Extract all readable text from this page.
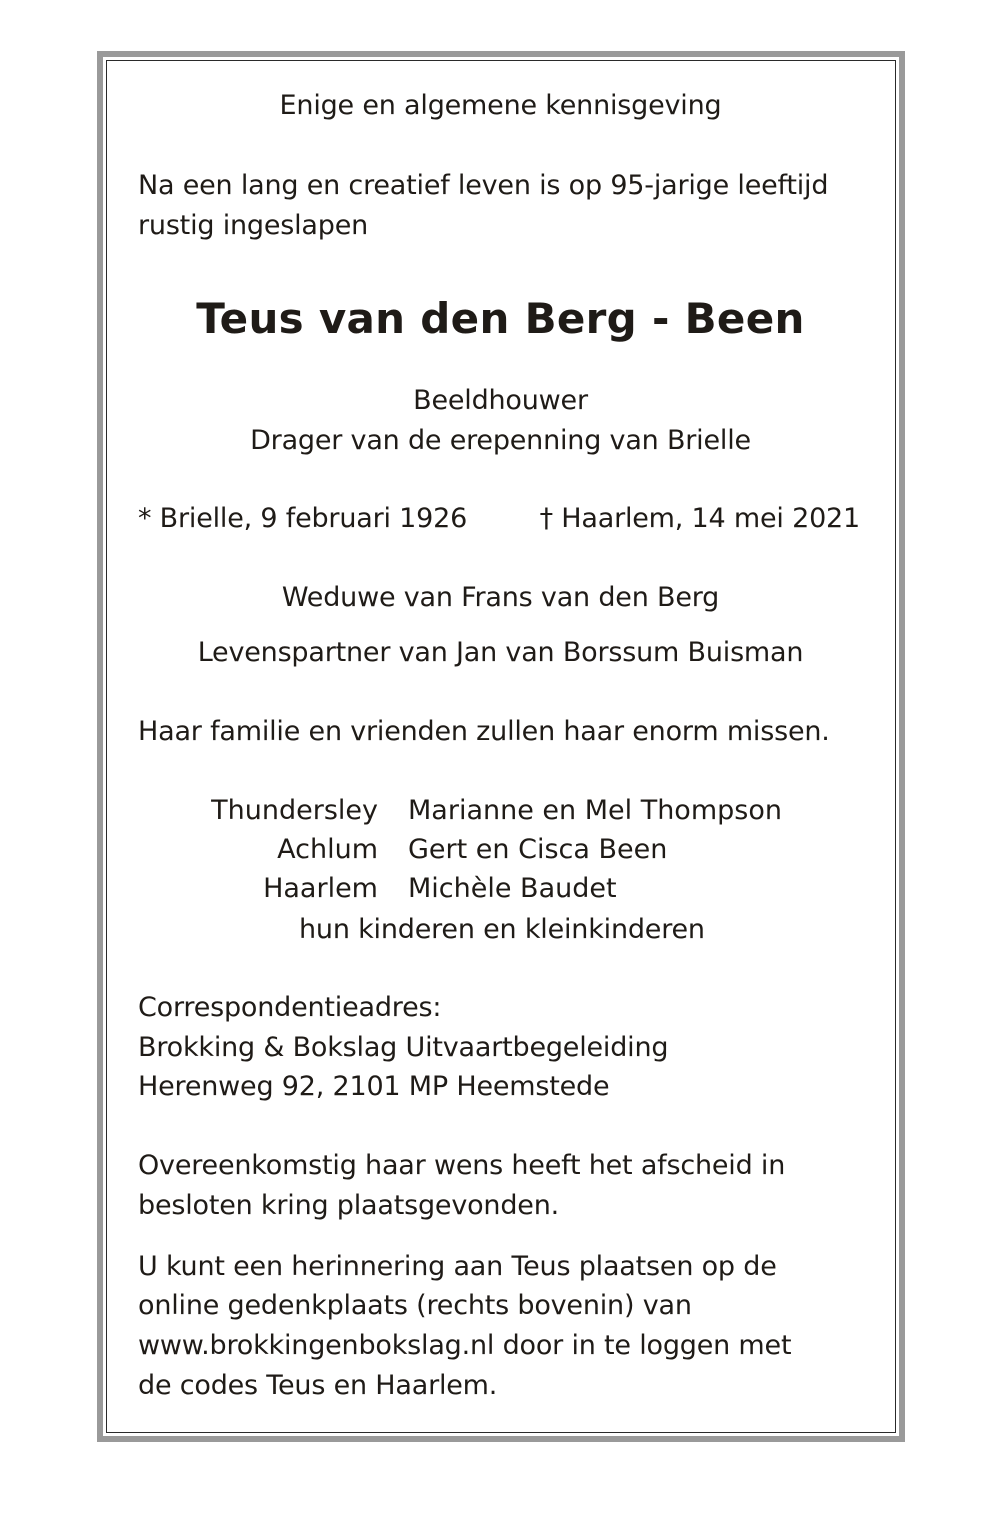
Enige en algemene kennisgeving
Na een lang en creatief leven is op 95-jarige leeftijd
rustig ingeslapen
Teus van den Berg - Been
Beeldhouwer
Drager van de erepenning van Brielle
* Brielle, 9 februari 1926	† Haarlem, 14 mei 2021
Weduwe van Frans van den Berg
Levenspartner van Jan van Borssum Buisman
Haar familie en vrienden zullen haar enorm missen.
Thundersley Marianne en Mel Thompson
Achlum Gert en Cisca Been
Haarlem Michèle Baudet
hun kinderen en kleinkinderen
Correspondentieadres:
Brokking & Bokslag Uitvaartbegeleiding
Herenweg 92, 2101 MP Heemstede
Overeenkomstig haar wens heeft het afscheid in
besloten kring plaatsgevonden.
U kunt een herinnering aan Teus plaatsen op de
online gedenkplaats (rechts bovenin) van
www.brokkingenbokslag.nl door in te loggen met
de codes Teus en Haarlem.
